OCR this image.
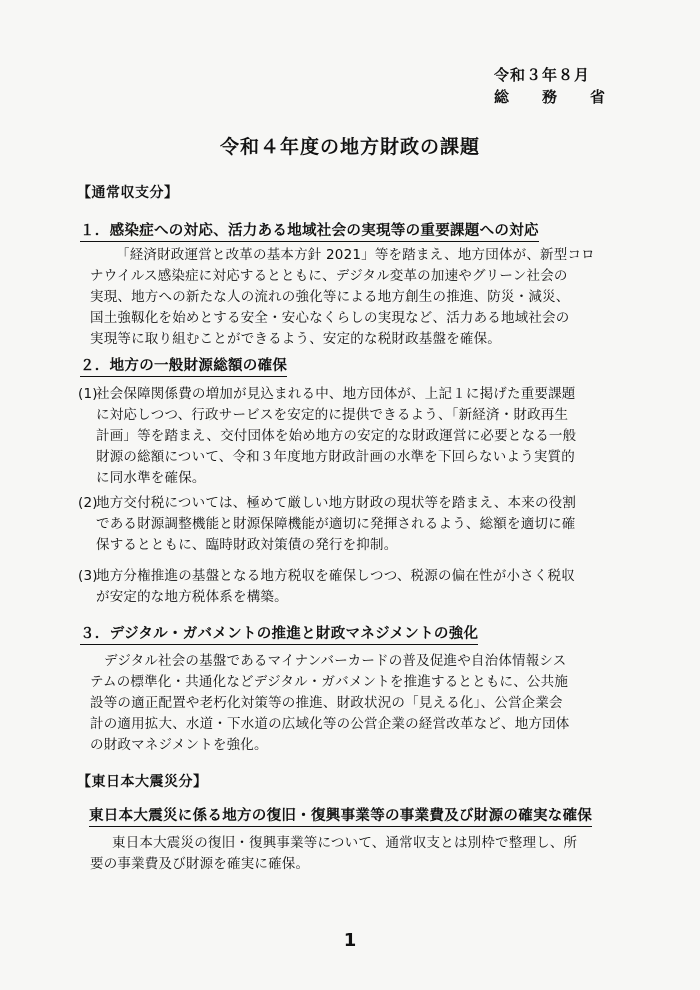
令和３年８月
総　務　省
令和４年度の地方財政の課題
【通常収支分】
１．感染症への対応、活力ある地域社会の実現等の重要課題への対応
「経済財政運営と改革の基本方針 2021」等を踏まえ、地方団体が、新型コロ
ナウイルス感染症に対応するとともに、デジタル変革の加速やグリーン社会の
実現、地方への新たな人の流れの強化等による地方創生の推進、防災・減災、
国土強靱化を始めとする安全・安心なくらしの実現など、活力ある地域社会の
実現等に取り組むことができるよう、安定的な税財政基盤を確保。
２．地方の一般財源総額の確保
(1)
社会保障関係費の増加が見込まれる中、地方団体が、上記１に掲げた重要課題
に対応しつつ、行政サービスを安定的に提供できるよう、「新経済・財政再生
計画」等を踏まえ、交付団体を始め地方の安定的な財政運営に必要となる一般
財源の総額について、令和３年度地方財政計画の水準を下回らないよう実質的
に同水準を確保。
(2)
地方交付税については、極めて厳しい地方財政の現状等を踏まえ、本来の役割
である財源調整機能と財源保障機能が適切に発揮されるよう、総額を適切に確
保するとともに、臨時財政対策債の発行を抑制。
(3)
地方分権推進の基盤となる地方税収を確保しつつ、税源の偏在性が小さく税収
が安定的な地方税体系を構築。
３．デジタル・ガバメントの推進と財政マネジメントの強化
デジタル社会の基盤であるマイナンバーカードの普及促進や自治体情報シス
テムの標準化・共通化などデジタル・ガバメントを推進するとともに、公共施
設等の適正配置や老朽化対策等の推進、財政状況の「見える化」、公営企業会
計の適用拡大、水道・下水道の広域化等の公営企業の経営改革など、地方団体
の財政マネジメントを強化。
【東日本大震災分】
東日本大震災に係る地方の復旧・復興事業等の事業費及び財源の確実な確保
東日本大震災の復旧・復興事業等について、通常収支とは別枠で整理し、所
要の事業費及び財源を確実に確保。
1
